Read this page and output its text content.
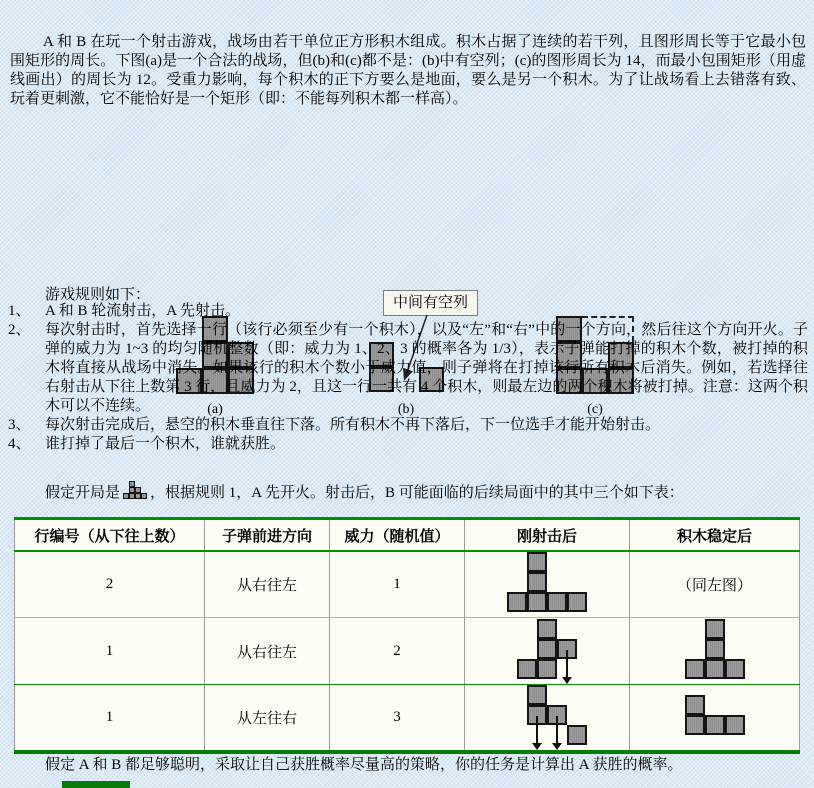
A 和 B 在玩一个射击游戏，战场由若干单位正方形积木组成。积木占据了连续的若干列，且图形周长等于它最小包围矩形的周长。下图(a)是一个合法的战场，但(b)和(c)都不是：(b)中有空列；(c)的图形周长为 14，而最小包围矩形（用虚线画出）的周长为 12。受重力影响，每个积木的正下方要么是地面，要么是另一个积木。为了让战场看上去错落有致、玩着更刺激，它不能恰好是一个矩形（即：不能每列积木都一样高）。
中间有空列
(a)	(b)	(c)
游戏规则如下：
1、 A 和 B 轮流射击，A 先射击。
2、 每次射击时，首先选择一行（该行必须至少有一个积木），以及“左”和“右”中的一个方向，然后往这个方向开火。子弹的威力为 1~3 的均匀随机整数（即：威力为 1、2、3 的概率各为 1/3），表示子弹能打掉的积木个数，被打掉的积木将直接从战场中消失。如果该行的积木个数小于威力值，则子弹将在打掉该行所有积木后消失。例如，若选择往右射击从下往上数第 3 行，且威力为 2，且这一行一共有 4 个积木，则最左边的两个积木将被打掉。注意：这两个积木可以不连续。
3、 每次射击完成后，悬空的积木垂直往下落。所有积木不再下落后，下一位选手才能开始射击。
4、 谁打掉了最后一个积木，谁就获胜。
假定开局是 ，根据规则 1，A 先开火。射击后，B 可能面临的后续局面中的其中三个如下表：
行编号（从下往上数）	子弹前进方向	威力（随机值）	刚射击后	积木稳定后
2	从右往左	1		（同左图）
1	从右往左	2	

1	从左往右	3	

假定 A 和 B 都足够聪明，采取让自己获胜概率尽量高的策略，你的任务是计算出 A 获胜的概率。
